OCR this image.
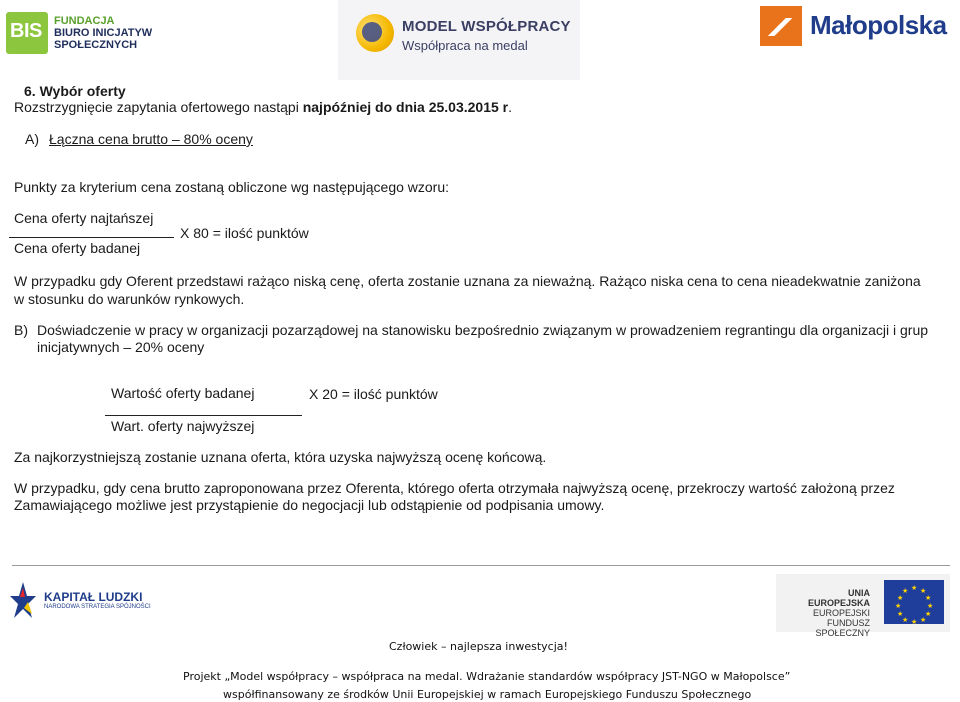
BIS FUNDACJA
BIURO INICJATYW
SPOŁECZNYCH
MODEL WSPÓŁPRACY
Współpraca na medal
Małopolska
6. Wybór oferty
Rozstrzygnięcie zapytania ofertowego nastąpi najpóźniej do dnia 25.03.2015 r.
A) Łączna cena brutto – 80% oceny
Punkty za kryterium cena zostaną obliczone wg następującego wzoru:
Cena oferty najtańszej
X 80 = ilość punktów
Cena oferty badanej
W przypadku gdy Oferent przedstawi rażąco niską cenę, oferta zostanie uznana za nieważną. Rażąco niska cena to cena nieadekwatnie zaniżona
w stosunku do warunków rynkowych.
B) Doświadczenie w pracy w organizacji pozarządowej na stanowisku bezpośrednio związanym w prowadzeniem regrantingu dla organizacji i grup
inicjatywnych – 20% oceny
Wartość oferty badanej	X 20 = ilość punktów
Wart. oferty najwyższej
Za najkorzystniejszą zostanie uznana oferta, która uzyska najwyższą ocenę końcową.
W przypadku, gdy cena brutto zaproponowana przez Oferenta, którego oferta otrzymała najwyższą ocenę, przekroczy wartość założoną przez
Zamawiającego możliwe jest przystąpienie do negocjacji lub odstąpienie od podpisania umowy.
KAPITAŁ LUDZKI
NARODOWA STRATEGIA SPÓJNOŚCI
UNIA EUROPEJSKA
EUROPEJSKI
FUNDUSZ SPOŁECZNY
★ ★
★
★
★
★
★
★
★
★
★
★
Człowiek – najlepsza inwestycja!
Projekt „Model współpracy – współpraca na medal. Wdrażanie standardów współpracy JST-NGO w Małopolsce”
współfinansowany ze środków Unii Europejskiej w ramach Europejskiego Funduszu Społecznego
